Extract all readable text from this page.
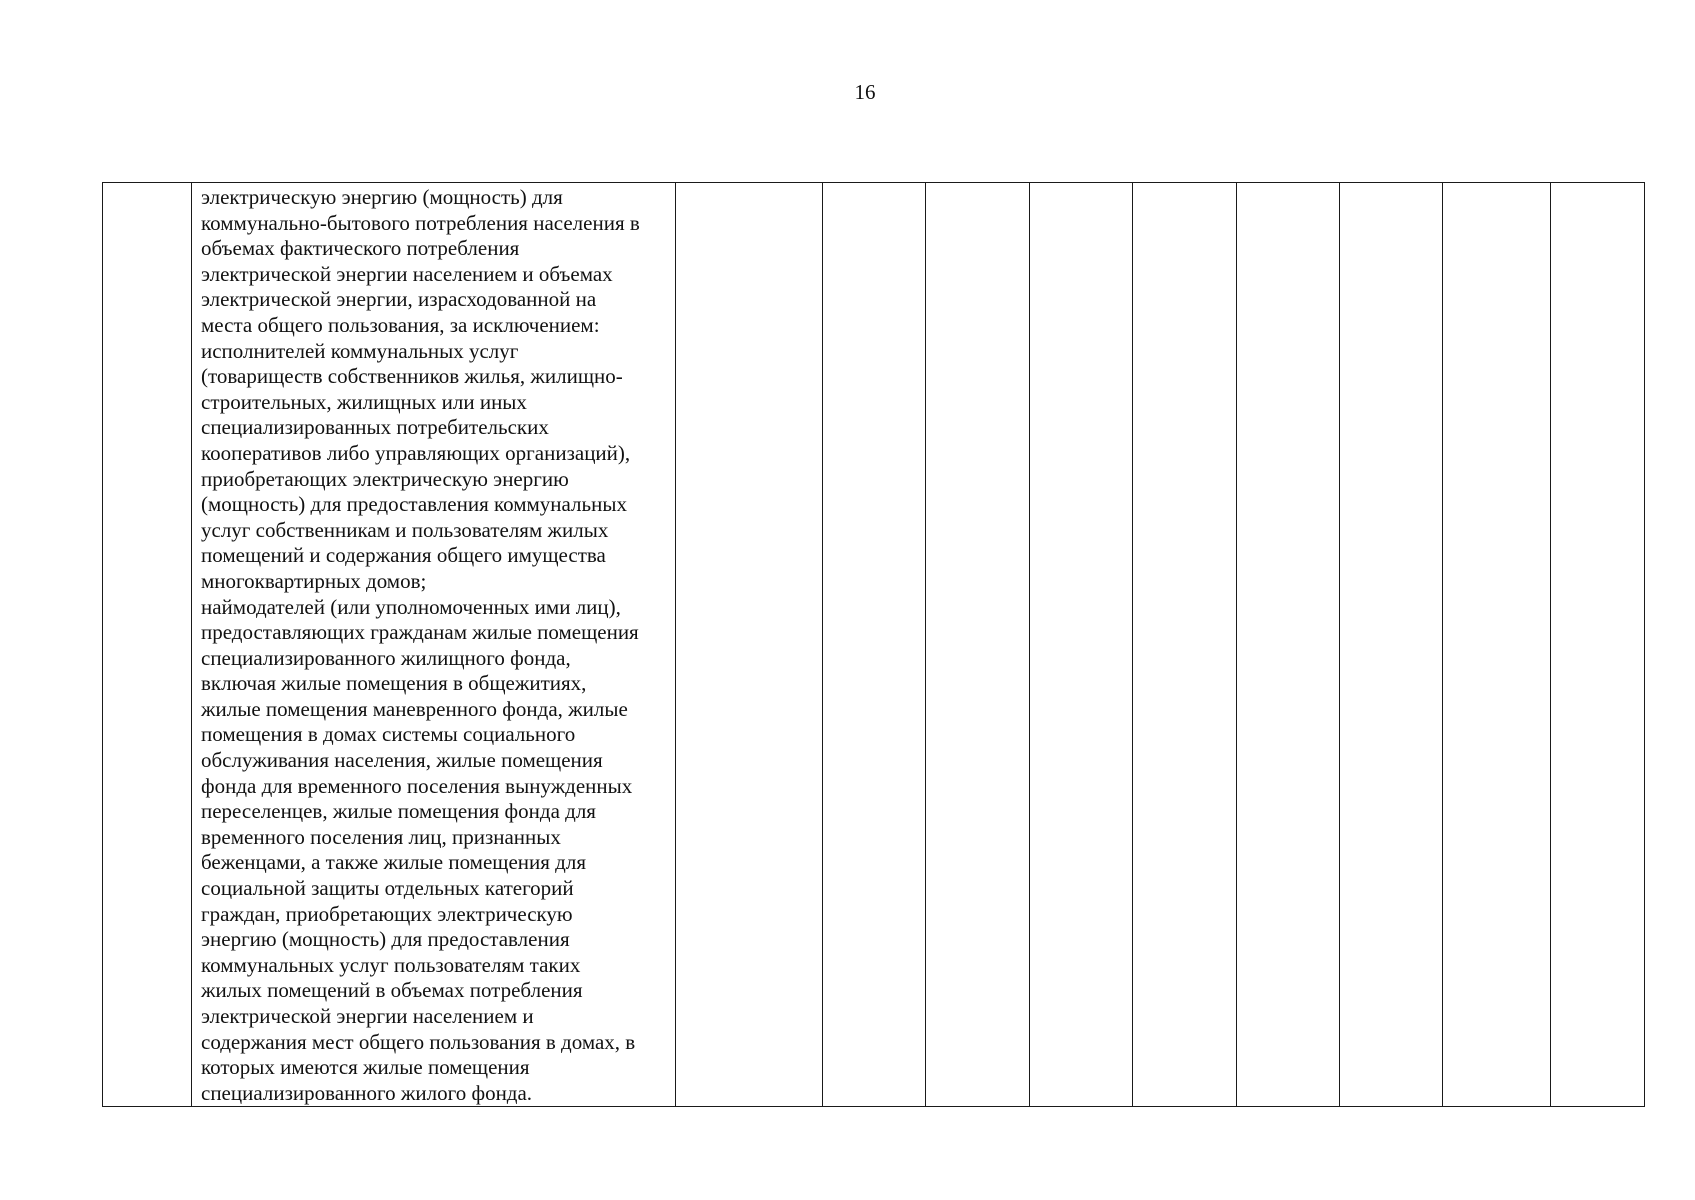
16

электрическую энергию (мощность) для
коммунально-бытового потребления населения в
объемах фактического потребления
электрической энергии населением и объемах
электрической энергии, израсходованной на
места общего пользования, за исключением:
исполнителей коммунальных услуг
(товариществ собственников жилья, жилищно-
строительных, жилищных или иных
специализированных потребительских
кооперативов либо управляющих организаций),
приобретающих электрическую энергию
(мощность) для предоставления коммунальных
услуг собственникам и пользователям жилых
помещений и содержания общего имущества
многоквартирных домов;
наймодателей (или уполномоченных ими лиц),
предоставляющих гражданам жилые помещения
специализированного жилищного фонда,
включая жилые помещения в общежитиях,
жилые помещения маневренного фонда, жилые
помещения в домах системы социального
обслуживания населения, жилые помещения
фонда для временного поселения вынужденных
переселенцев, жилые помещения фонда для
временного поселения лиц, признанных
беженцами, а также жилые помещения для
социальной защиты отдельных категорий
граждан, приобретающих электрическую
энергию (мощность) для предоставления
коммунальных услуг пользователям таких
жилых помещений в объемах потребления
электрической энергии населением и
содержания мест общего пользования в домах, в
которых имеются жилые помещения
специализированного жилого фонда.
